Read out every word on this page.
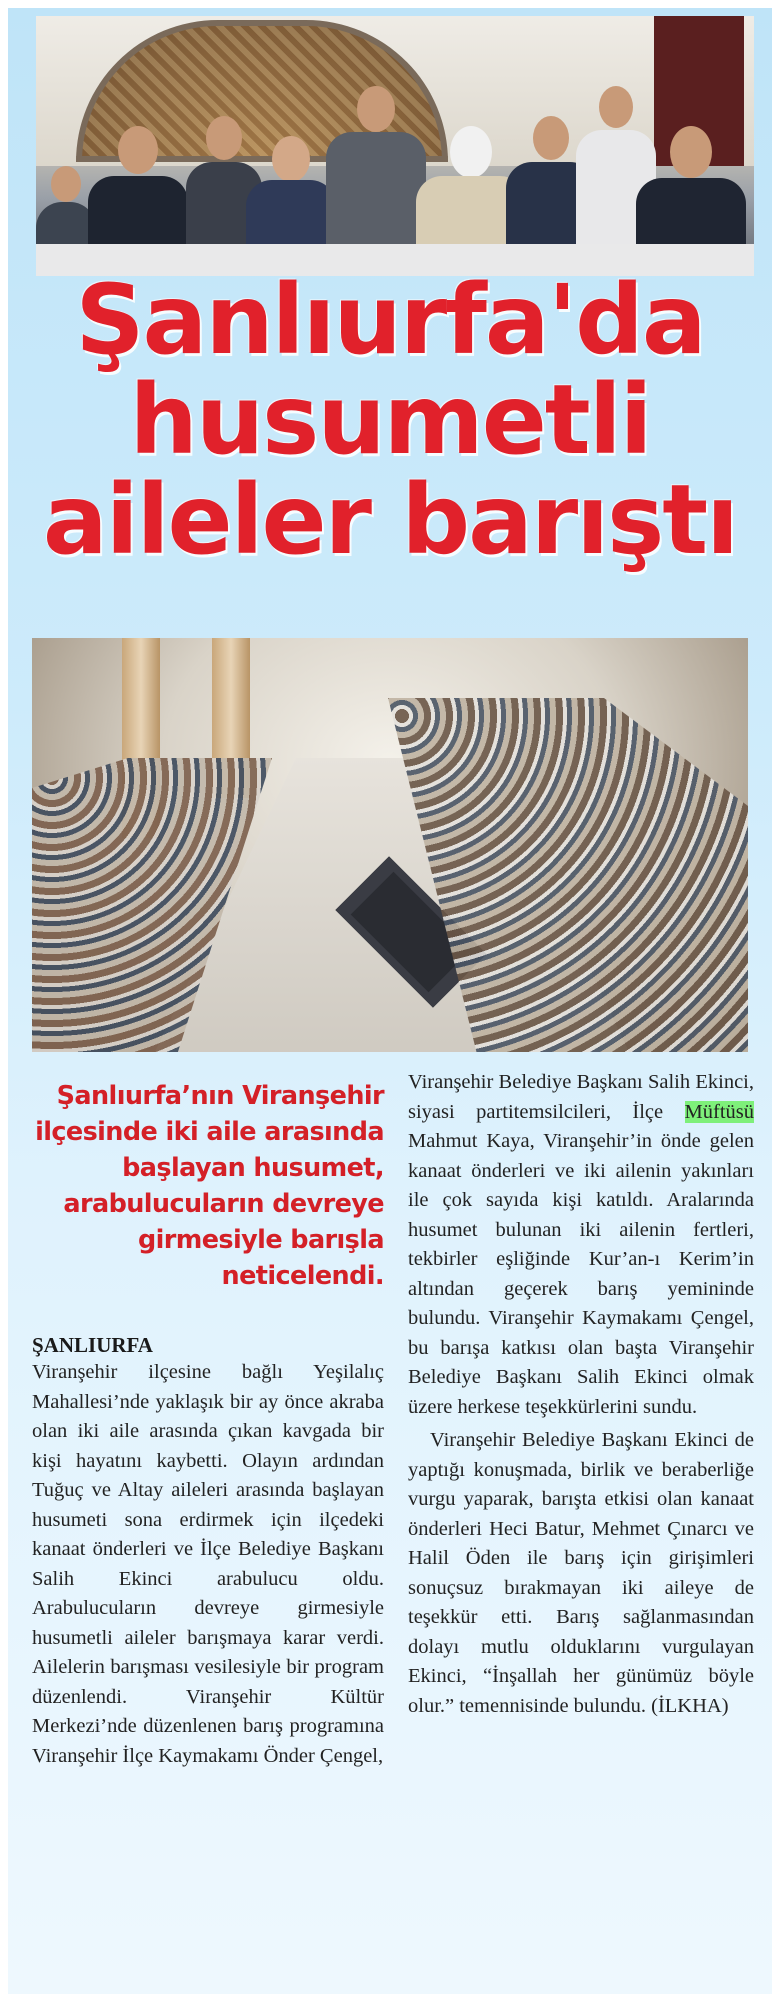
Şanlıurfa'da
husumetli
aileler barıştı
Şanlıurfa’nın Viranşehir ilçesinde iki aile arasında başlayan husumet, arabulucuların devreye girmesiyle barışla neticelendi.
ŞANLIURFA

Viranşehir ilçesine bağlı Yeşilalıç Mahallesi’nde yaklaşık bir ay önce akraba olan iki aile arasında çıkan kavgada bir kişi hayatını kaybetti. Olayın ardından Tuğuç ve Altay aileleri arasında başlayan husumeti sona erdirmek için ilçedeki kanaat önderleri ve İlçe Belediye Başkanı Salih Ekinci arabulucu oldu. Arabulucuların devreye girmesiyle husumetli aileler barışmaya karar verdi. Ailelerin barışması vesilesiyle bir program düzenlendi. Viranşehir Kültür Merkezi’nde düzenlenen barış programına Viranşehir İlçe Kaymakamı Önder Çengel,

Viranşehir Belediye Başkanı Salih Ekinci, siyasi partitemsilcileri, İlçe Müftüsü Mahmut Kaya, Viranşehir’in önde gelen kanaat önderleri ve iki ailenin yakınları ile çok sayıda kişi katıldı. Aralarında husumet bulunan iki ailenin fertleri, tekbirler eşliğinde Kur’an-ı Kerim’in altından geçerek barış yemininde bulundu. Viranşehir Kaymakamı Çengel, bu barışa katkısı olan başta Viranşehir Belediye Başkanı Salih Ekinci olmak üzere herkese teşekkürlerini sundu.

Viranşehir Belediye Başkanı Ekinci de yaptığı konuşmada, birlik ve beraberliğe vurgu yaparak, barışta etkisi olan kanaat önderleri Heci Batur, Mehmet Çınarcı ve Halil Öden ile barış için girişimleri sonuçsuz bırakmayan iki aileye de teşekkür etti. Barış sağlanmasından dolayı mutlu olduklarını vurgulayan Ekinci, “İnşallah her günümüz böyle olur.” temennisinde bulundu. (İLKHA)
